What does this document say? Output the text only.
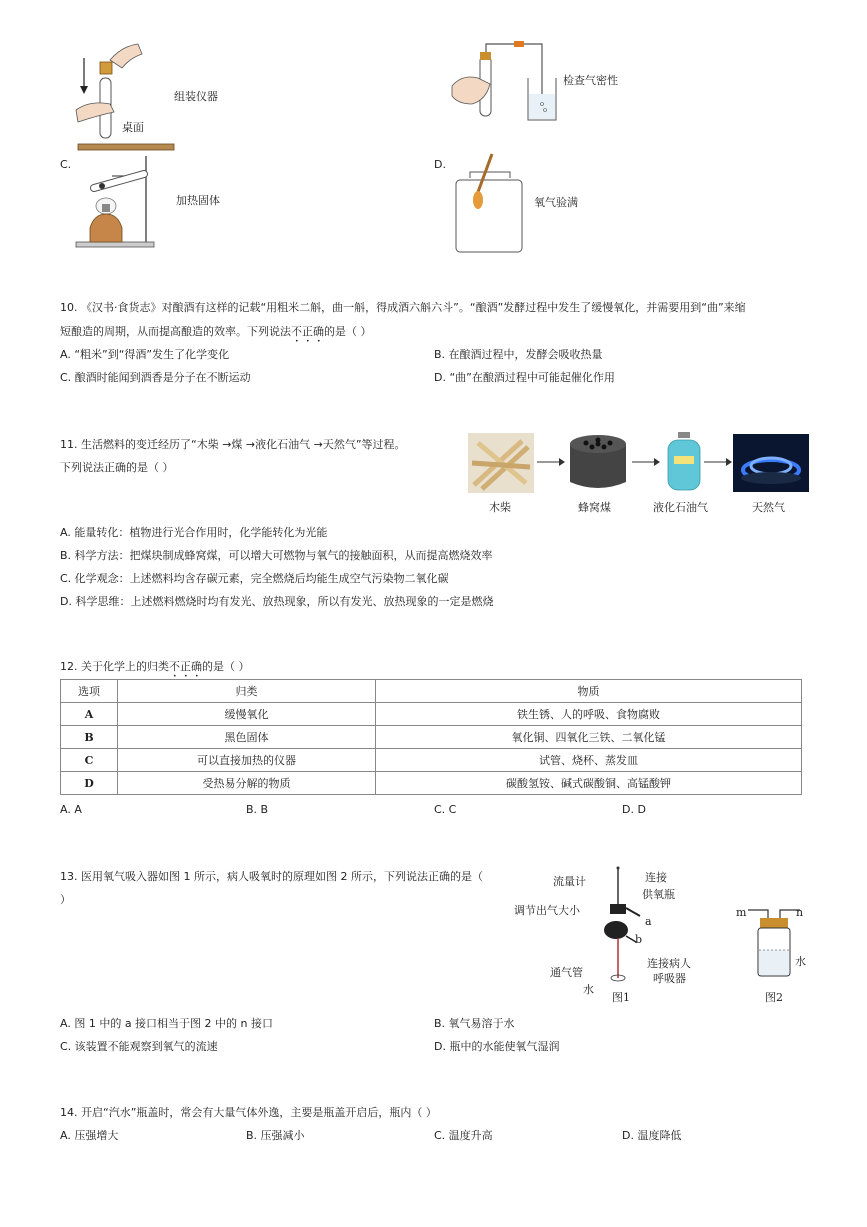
组装仪器
桌面
检查气密性
C.
加热固体
D.
氧气验满
10. 《汉书·食货志》对酿酒有这样的记载“用粗米二斛，曲一斛，得成酒六斛六斗”。“酿酒”发酵过程中发生了缓慢氧化，并需要用到“曲”来缩
短酿造的周期，从而提高酿造的效率。下列说法不正确的是（ ）
A. “粗米”到“得酒”发生了化学变化	B. 在酿酒过程中，发酵会吸收热量
C. 酿酒时能闻到酒香是分子在不断运动	D. “曲”在酿酒过程中可能起催化作用
11. 生活燃料的变迁经历了“木柴 →煤 →液化石油气 →天然气”等过程。
下列说法正确的是（ ）
木柴	蜂窝煤	液化石油气	天然气
A. 能量转化：植物进行光合作用时，化学能转化为光能
B. 科学方法：把煤块制成蜂窝煤，可以增大可燃物与氧气的接触面积，从而提高燃烧效率
C. 化学观念：上述燃料均含存碳元素，完全燃烧后均能生成空气污染物二氧化碳
D. 科学思维：上述燃料燃烧时均有发光、放热现象，所以有发光、放热现象的一定是燃烧
12. 关于化学上的归类不正确的是（ ）
选项	归类	物质
A	缓慢氧化	铁生锈、人的呼吸、食物腐败
B	黑色固体	氧化铜、四氧化三铁、二氧化锰
C	可以直接加热的仪器	试管、烧杯、蒸发皿
D	受热易分解的物质	碳酸氢铵、碱式碳酸铜、高锰酸钾
A. A	B. B	C. C	D. D
13. 医用氧气吸入器如图 1 所示，病人吸氧时的原理如图 2 所示，下列说法正确的是（
）
流量计	连接
供氧瓶
调节出气大小
a
b
连接病人
呼吸器
通气管
水
图1
m	n
水
图2
A. 图 1 中的 a 接口相当于图 2 中的 n 接口	B. 氧气易溶于水
C. 该装置不能观察到氧气的流速	D. 瓶中的水能使氧气湿润
14. 开启“汽水”瓶盖时，常会有大量气体外逸，主要是瓶盖开启后，瓶内（ ）
A. 压强增大	B. 压强减小	C. 温度升高	D. 温度降低
